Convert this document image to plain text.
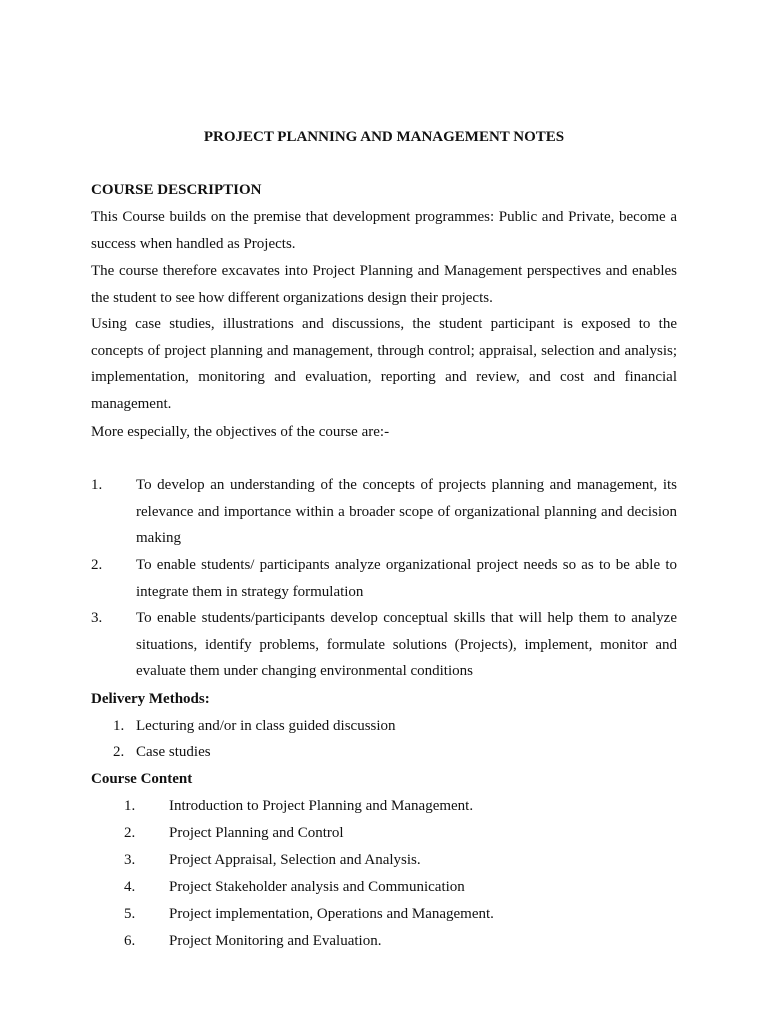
PROJECT PLANNING AND MANAGEMENT NOTES
COURSE DESCRIPTION

This Course builds on the premise that development programmes: Public and Private, become a success when handled as Projects.

The course therefore excavates into Project Planning and Management perspectives and enables the student to see how different organizations design their projects.

Using case studies, illustrations and discussions, the student participant is exposed to the concepts of project planning and management, through control; appraisal, selection and analysis; implementation, monitoring and evaluation, reporting and review, and cost and financial management.

More especially, the objectives of the course are:-
1. To develop an understanding of the concepts of projects planning and management, its relevance and importance within a broader scope of organizational planning and decision making
2. To enable students/ participants analyze organizational project needs so as to be able to integrate them in strategy formulation
3. To enable students/participants develop conceptual skills that will help them to analyze situations, identify problems, formulate solutions (Projects), implement, monitor and evaluate them under changing environmental conditions
Delivery Methods:
1. Lecturing and/or in class guided discussion
2. Case studies
Course Content
1. Introduction to Project Planning and Management.
2. Project Planning and Control
3. Project Appraisal, Selection and Analysis.
4. Project Stakeholder analysis and Communication
5. Project implementation, Operations and Management.
6. Project Monitoring and Evaluation.
